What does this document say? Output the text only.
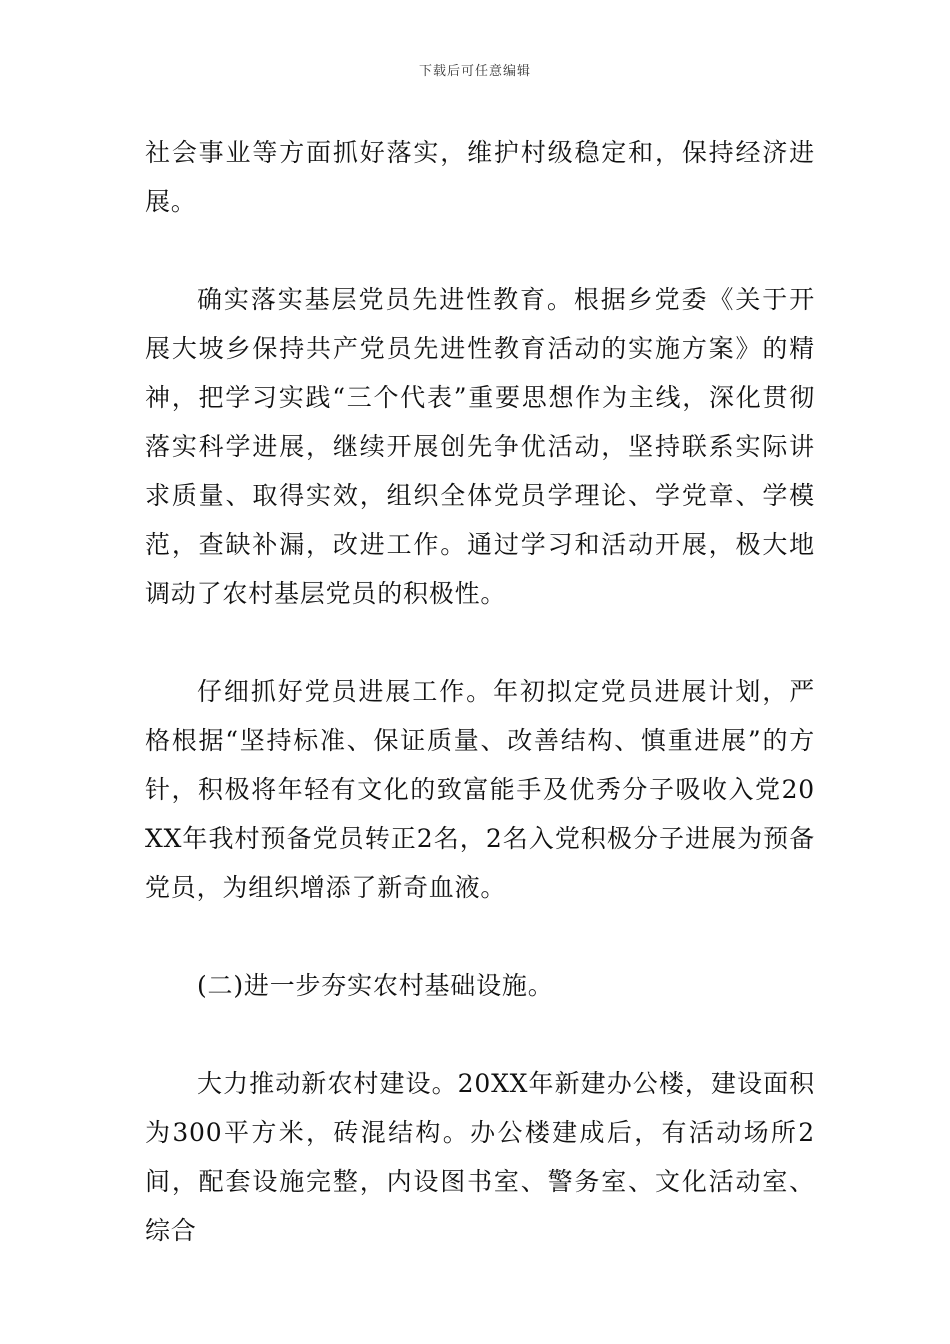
下载后可任意编辑

社会事业等方面抓好落实，维护村级稳定和，保持经济进展。

确实落实基层党员先进性教育。根据乡党委《关于开展大坡乡保持共产党员先进性教育活动的实施方案》的精神，把学习实践“三个代表”重要思想作为主线，深化贯彻落实科学进展，继续开展创先争优活动，坚持联系实际讲求质量、取得实效，组织全体党员学理论、学党章、学模范，查缺补漏，改进工作。通过学习和活动开展，极大地调动了农村基层党员的积极性。

仔细抓好党员进展工作。年初拟定党员进展计划，严格根据“坚持标准、保证质量、改善结构、慎重进展”的方针，积极将年轻有文化的致富能手及优秀分子吸收入党20XX年我村预备党员转正2名，2名入党积极分子进展为预备党员，为组织增添了新奇血液。

(二)进一步夯实农村基础设施。

大力推动新农村建设。20XX年新建办公楼，建设面积为300平方米，砖混结构。办公楼建成后，有活动场所2间，配套设施完整，内设图书室、警务室、文化活动室、综合
